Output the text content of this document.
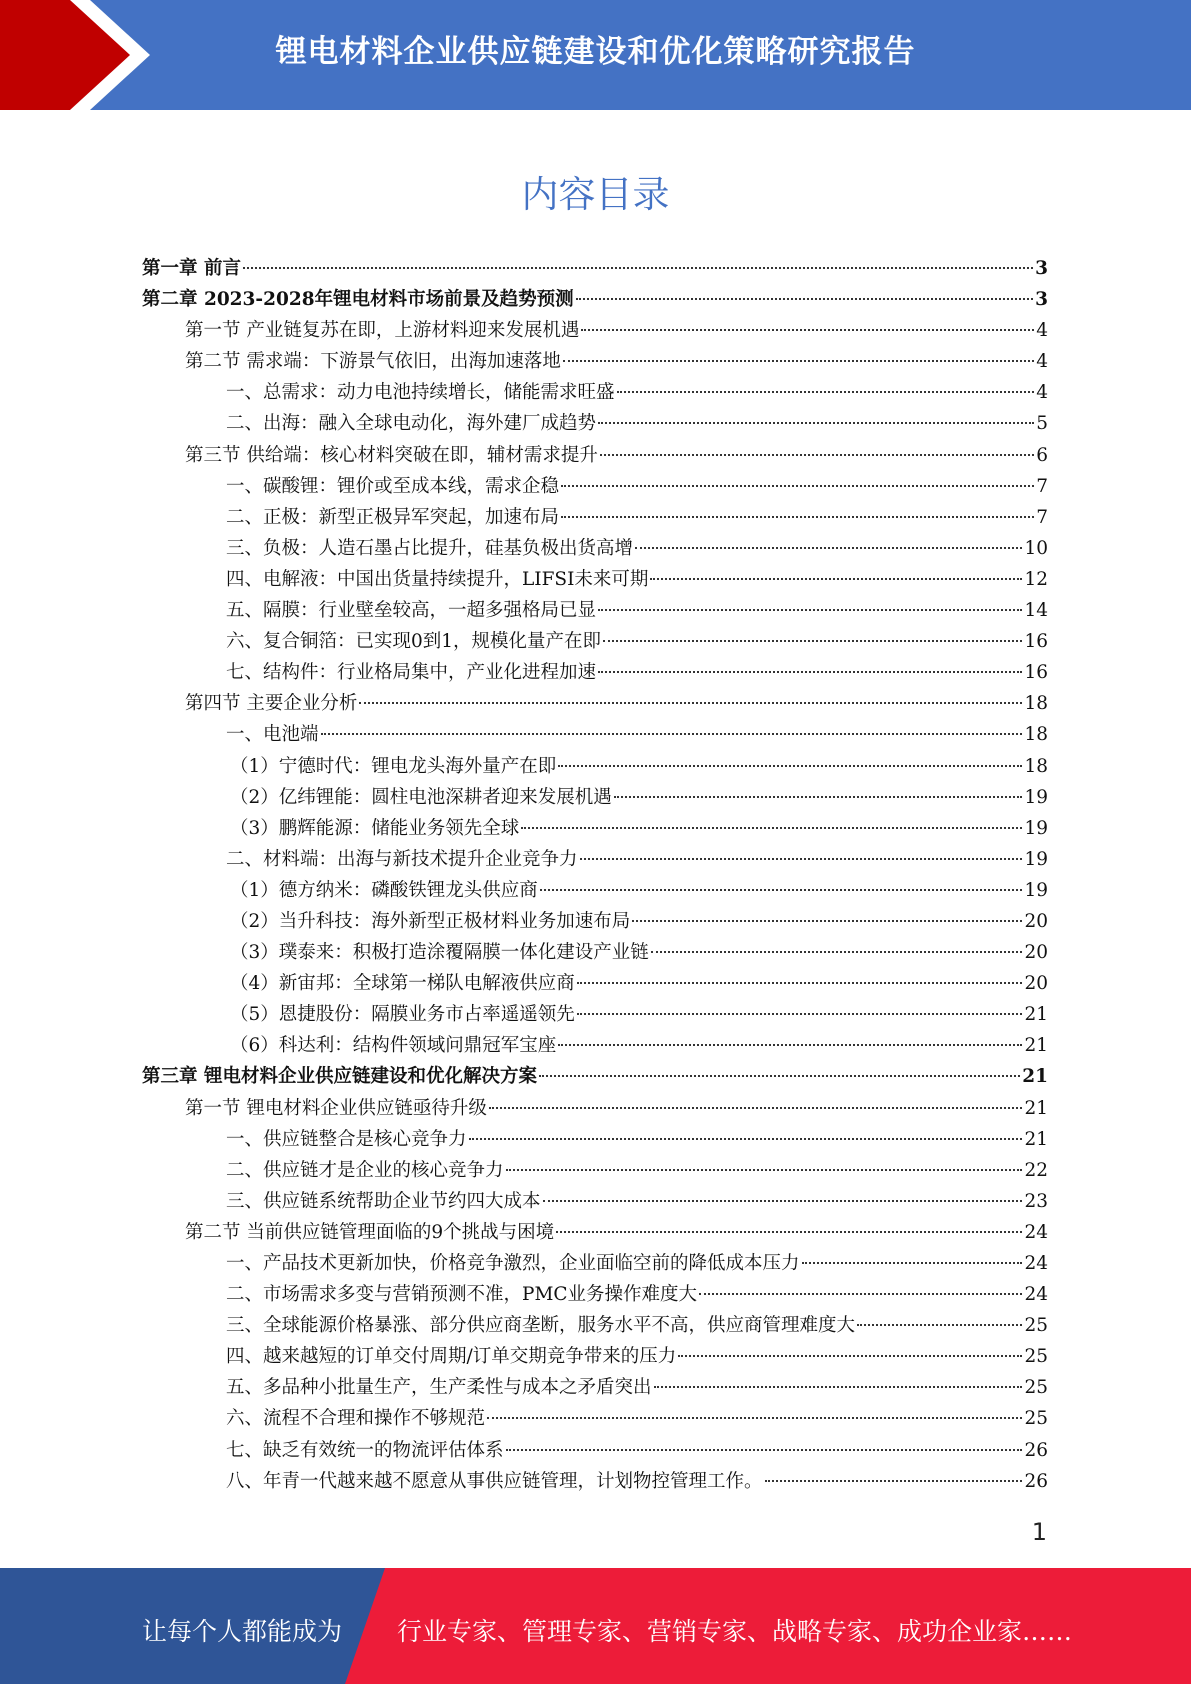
锂电材料企业供应链建设和优化策略研究报告
内容目录
第一章 前言	3
第二章 2023-2028年锂电材料市场前景及趋势预测	3
第一节 产业链复苏在即，上游材料迎来发展机遇	4
第二节 需求端：下游景气依旧，出海加速落地	4
一、总需求：动力电池持续增长，储能需求旺盛	4
二、出海：融入全球电动化，海外建厂成趋势	5
第三节 供给端：核心材料突破在即，辅材需求提升	6
一、碳酸锂：锂价或至成本线，需求企稳	7
二、正极：新型正极异军突起，加速布局	7
三、负极：人造石墨占比提升，硅基负极出货高增	10
四、电解液：中国出货量持续提升，LIFSI未来可期	12
五、隔膜：行业壁垒较高，一超多强格局已显	14
六、复合铜箔：已实现0到1，规模化量产在即	16
七、结构件：行业格局集中，产业化进程加速	16
第四节 主要企业分析	18
一、电池端	18
（1）宁德时代：锂电龙头海外量产在即	18
（2）亿纬锂能：圆柱电池深耕者迎来发展机遇	19
（3）鹏辉能源：储能业务领先全球	19
二、材料端：出海与新技术提升企业竞争力	19
（1）德方纳米：磷酸铁锂龙头供应商	19
（2）当升科技：海外新型正极材料业务加速布局	20
（3）璞泰来：积极打造涂覆隔膜一体化建设产业链	20
（4）新宙邦：全球第一梯队电解液供应商	20
（5）恩捷股份：隔膜业务市占率遥遥领先	21
（6）科达利：结构件领域问鼎冠军宝座	21
第三章 锂电材料企业供应链建设和优化解决方案	21
第一节 锂电材料企业供应链亟待升级	21
一、供应链整合是核心竞争力	21
二、供应链才是企业的核心竞争力	22
三、供应链系统帮助企业节约四大成本	23
第二节 当前供应链管理面临的9个挑战与困境	24
一、产品技术更新加快，价格竞争激烈，企业面临空前的降低成本压力	24
二、市场需求多变与营销预测不准，PMC业务操作难度大	24
三、全球能源价格暴涨、部分供应商垄断，服务水平不高，供应商管理难度大	25
四、越来越短的订单交付周期/订单交期竞争带来的压力	25
五、多品种小批量生产，生产柔性与成本之矛盾突出	25
六、流程不合理和操作不够规范	25
七、缺乏有效统一的物流评估体系	26
八、年青一代越来越不愿意从事供应链管理，计划物控管理工作。	26
1
让每个人都能成为 行业专家、管理专家、营销专家、战略专家、成功企业家……
